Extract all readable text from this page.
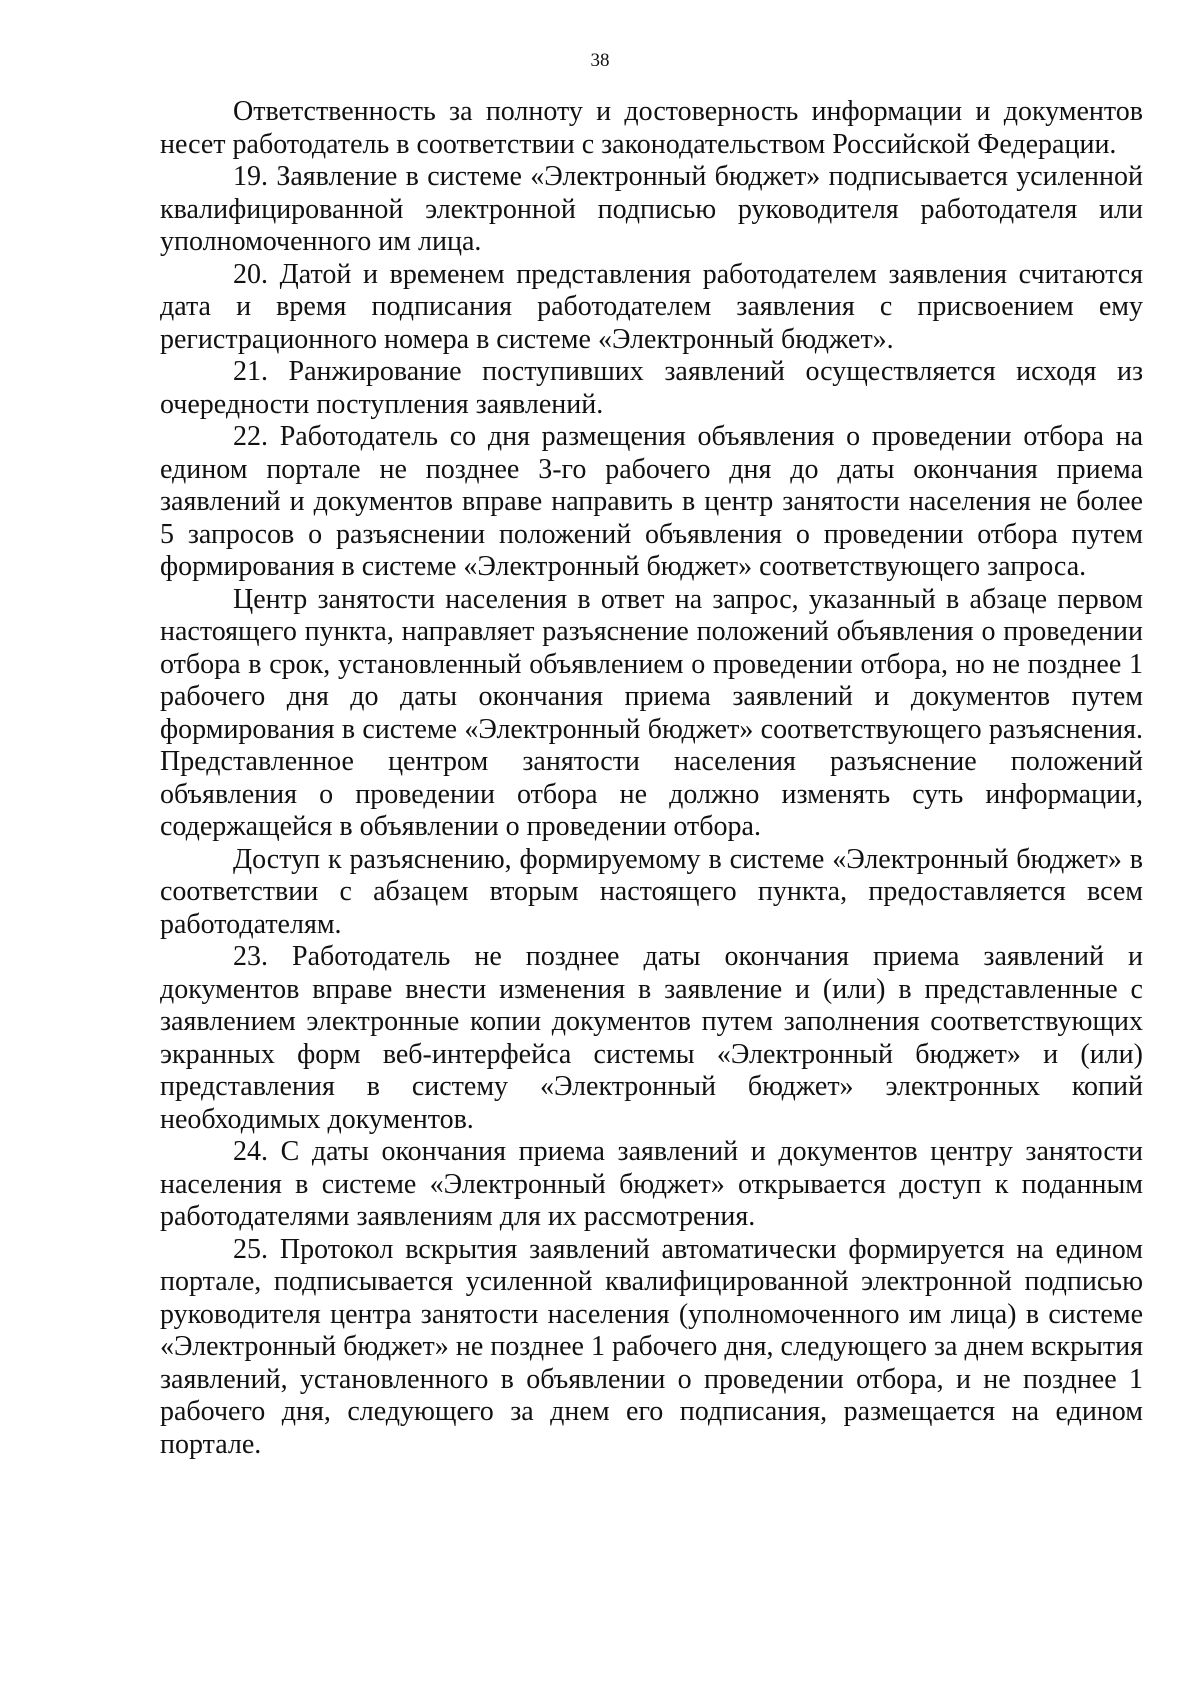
38

Ответственность за полноту и достоверность информации и документов несет работодатель в соответствии с законодательством Российской Федерации.

19. Заявление в системе «Электронный бюджет» подписывается усиленной квалифицированной электронной подписью руководителя работодателя или уполномоченного им лица.

20. Датой и временем представления работодателем заявления считаются дата и время подписания работодателем заявления с присвоением ему регистрационного номера в системе «Электронный бюджет».

21. Ранжирование поступивших заявлений осуществляется исходя из очередности поступления заявлений.

22. Работодатель со дня размещения объявления о проведении отбора на едином портале не позднее 3-го рабочего дня до даты окончания приема заявлений и документов вправе направить в центр занятости населения не более 5 запросов о разъяснении положений объявления о проведении отбора путем формирования в системе «Электронный бюджет» соответствующего запроса.

Центр занятости населения в ответ на запрос, указанный в абзаце первом настоящего пункта, направляет разъяснение положений объявления о проведении отбора в срок, установленный объявлением о проведении отбора, но не позднее 1 рабочего дня до даты окончания приема заявлений и документов путем формирования в системе «Электронный бюджет» соответствующего разъяснения. Представленное центром занятости населения разъяснение положений объявления о проведении отбора не должно изменять суть информации, содержащейся в объявлении о проведении отбора.

Доступ к разъяснению, формируемому в системе «Электронный бюджет» в соответствии с абзацем вторым настоящего пункта, предоставляется всем работодателям.

23. Работодатель не позднее даты окончания приема заявлений и документов вправе внести изменения в заявление и (или) в представленные с заявлением электронные копии документов путем заполнения соответствующих экранных форм веб-интерфейса системы «Электронный бюджет» и (или) представления в систему «Электронный бюджет» электронных копий необходимых документов.

24. С даты окончания приема заявлений и документов центру занятости населения в системе «Электронный бюджет» открывается доступ к поданным работодателями заявлениям для их рассмотрения.

25. Протокол вскрытия заявлений автоматически формируется на едином портале, подписывается усиленной квалифицированной электронной подписью руководителя центра занятости населения (уполномоченного им лица) в системе «Электронный бюджет» не позднее 1 рабочего дня, следующего за днем вскрытия заявлений, установленного в объявлении о проведении отбора, и не позднее 1 рабочего дня, следующего за днем его подписания, размещается на едином портале.
